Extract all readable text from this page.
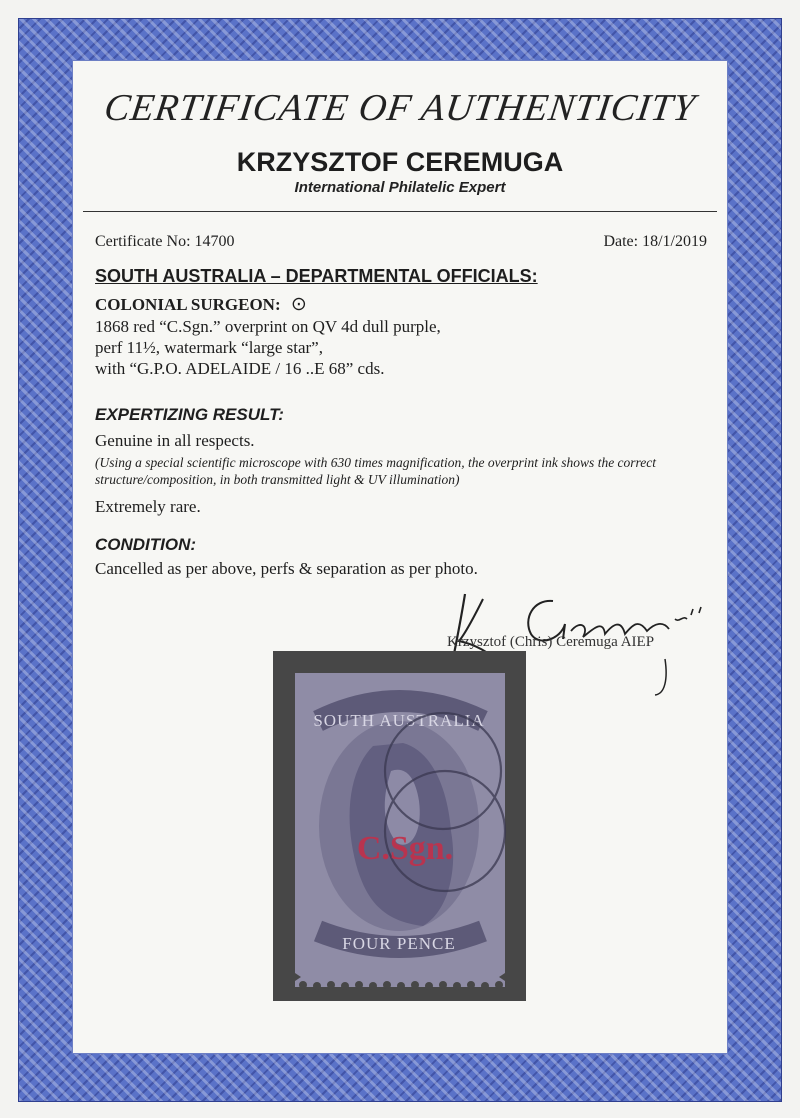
CERTIFICATE OF AUTHENTICITY
KRZYSZTOF CEREMUGA
International Philatelic Expert
Certificate No: 14700	Date: 18/1/2019
SOUTH AUSTRALIA – DEPARTMENTAL OFFICIALS:
COLONIAL SURGEON: ⊙
1868 red “C.Sgn.” overprint on QV 4d dull purple,
perf 11½, watermark “large star”,
with “G.P.O. ADELAIDE / 16 ..E 68” cds.
EXPERTIZING RESULT:
Genuine in all respects.
(Using a special scientific microscope with 630 times magnification, the overprint ink shows the correct structure/composition, in both transmitted light & UV illumination)
Extremely rare.
CONDITION:
Cancelled as per above, perfs & separation as per photo.
Krzysztof (Chris) Ceremuga AIEP
SOUTH AUSTRALIA
FOUR PENCE
C.Sgn.
